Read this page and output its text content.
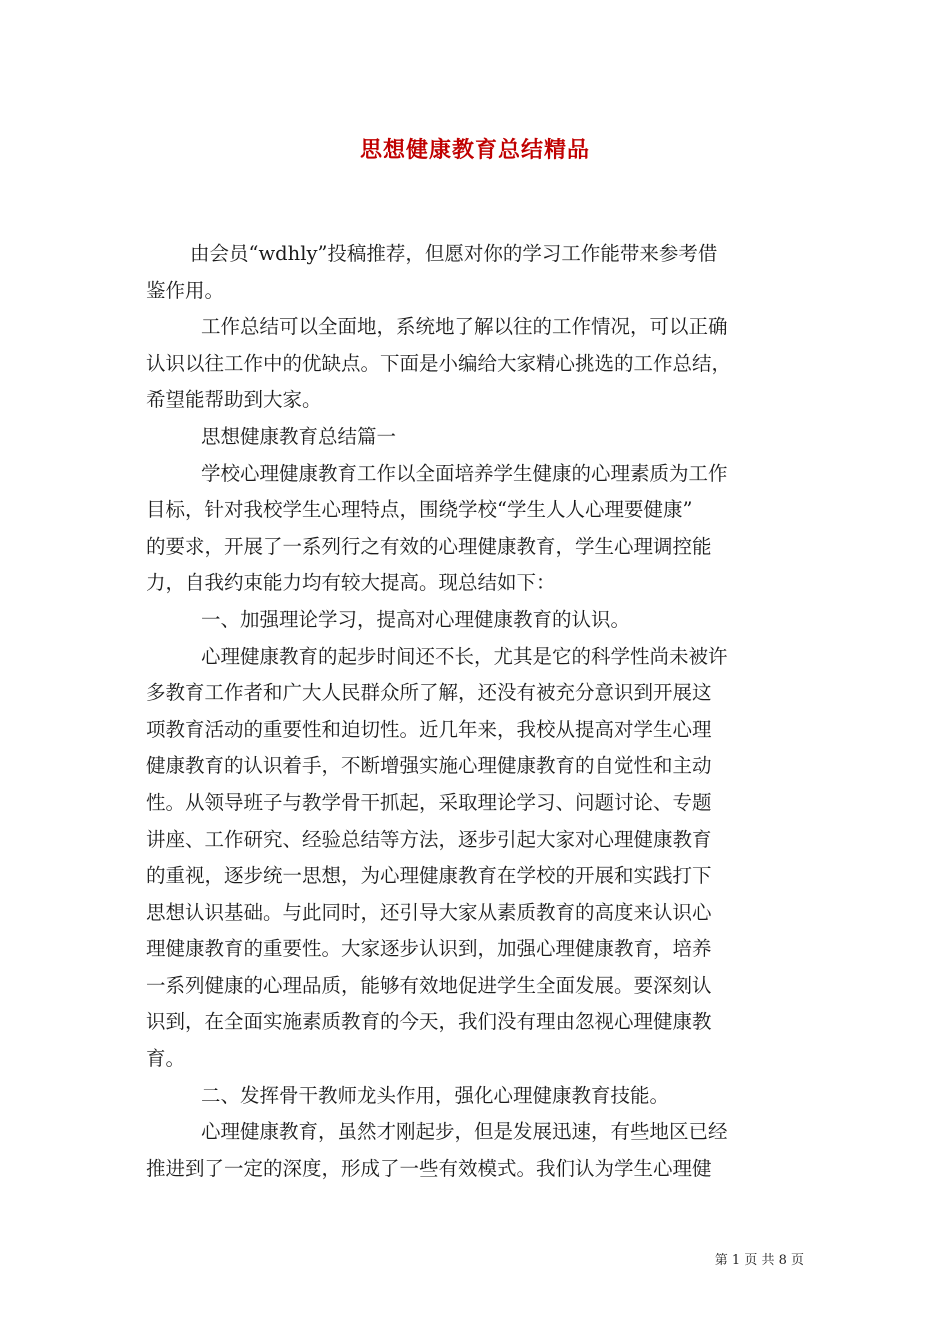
思想健康教育总结精品
由会员“wdhly”投稿推荐，但愿对你的学习工作能带来参考借
鉴作用。
工作总结可以全面地，系统地了解以往的工作情况，可以正确
认识以往工作中的优缺点。下面是小编给大家精心挑选的工作总结，
希望能帮助到大家。
思想健康教育总结篇一
学校心理健康教育工作以全面培养学生健康的心理素质为工作
目标，针对我校学生心理特点，围绕学校“学生人人心理要健康”
的要求，开展了一系列行之有效的心理健康教育，学生心理调控能
力，自我约束能力均有较大提高。现总结如下：
一、加强理论学习，提高对心理健康教育的认识。
心理健康教育的起步时间还不长，尤其是它的科学性尚未被许
多教育工作者和广大人民群众所了解，还没有被充分意识到开展这
项教育活动的重要性和迫切性。近几年来，我校从提高对学生心理
健康教育的认识着手，不断增强实施心理健康教育的自觉性和主动
性。从领导班子与教学骨干抓起，采取理论学习、问题讨论、专题
讲座、工作研究、经验总结等方法，逐步引起大家对心理健康教育
的重视，逐步统一思想，为心理健康教育在学校的开展和实践打下
思想认识基础。与此同时，还引导大家从素质教育的高度来认识心
理健康教育的重要性。大家逐步认识到，加强心理健康教育，培养
一系列健康的心理品质，能够有效地促进学生全面发展。要深刻认
识到，在全面实施素质教育的今天，我们没有理由忽视心理健康教
育。
二、发挥骨干教师龙头作用，强化心理健康教育技能。
心理健康教育，虽然才刚起步，但是发展迅速，有些地区已经
推进到了一定的深度，形成了一些有效模式。我们认为学生心理健
第 1 页 共 8 页
